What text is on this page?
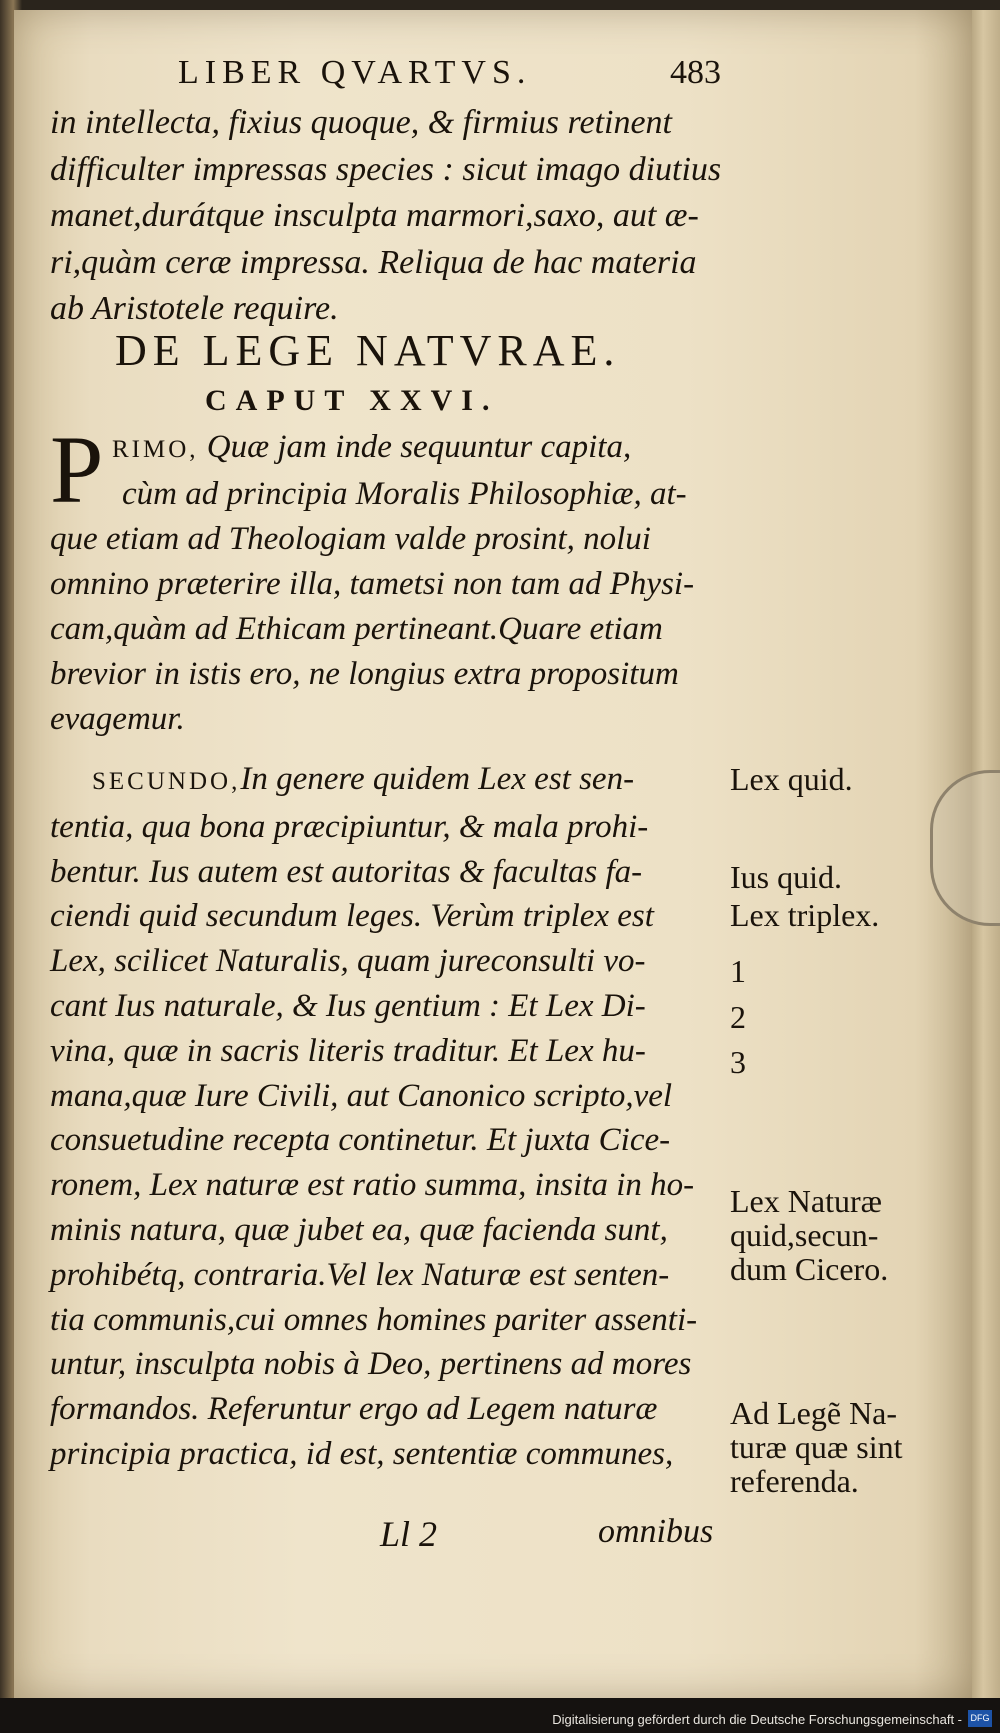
LIBER QVARTVS.	483
in intellecta, fixius quoque, & firmius retinent
difficulter impressas species : sicut imago diutius
manet,durátque insculpta marmori,saxo, aut æ-
ri,quàm ceræ impressa. Reliqua de hac materia
ab Aristotele require.
DE LEGE NATVRAE.
CAPUT XXVI.
P RIMO, Quæ jam inde sequuntur capita,
cùm ad principia Moralis Philosophiæ, at-
que etiam ad Theologiam valde prosint, nolui
omnino præterire illa, tametsi non tam ad Physi-
cam,quàm ad Ethicam pertineant.Quare etiam
brevior in istis ero, ne longius extra propositum
evagemur.
SECUNDO,In genere quidem Lex est sen-
tentia, qua bona præcipiuntur, & mala prohi-
bentur. Ius autem est autoritas & facultas fa-
ciendi quid secundum leges. Verùm triplex est
Lex, scilicet Naturalis, quam jureconsulti vo-
cant Ius naturale, & Ius gentium : Et Lex Di-
vina, quæ in sacris literis traditur. Et Lex hu-
mana,quæ Iure Civili, aut Canonico scripto,vel
consuetudine recepta continetur. Et juxta Cice-
ronem, Lex naturæ est ratio summa, insita in ho-
minis natura, quæ jubet ea, quæ facienda sunt,
prohibétq, contraria.Vel lex Naturæ est senten-
tia communis,cui omnes homines pariter assenti-
untur, insculpta nobis à Deo, pertinens ad mores
formandos. Referuntur ergo ad Legem naturæ
principia practica, id est, sententiæ communes,
Lex quid.
Ius quid.
Lex triplex.
1
2
3
Lex Naturæ quid,secun-dum Cicero.
Ad Legẽ Na-turæ quæ sint referenda.
Ll 2	omnibus
Digitalisierung gefördert durch die Deutsche Forschungsgemeinschaft - DFG
